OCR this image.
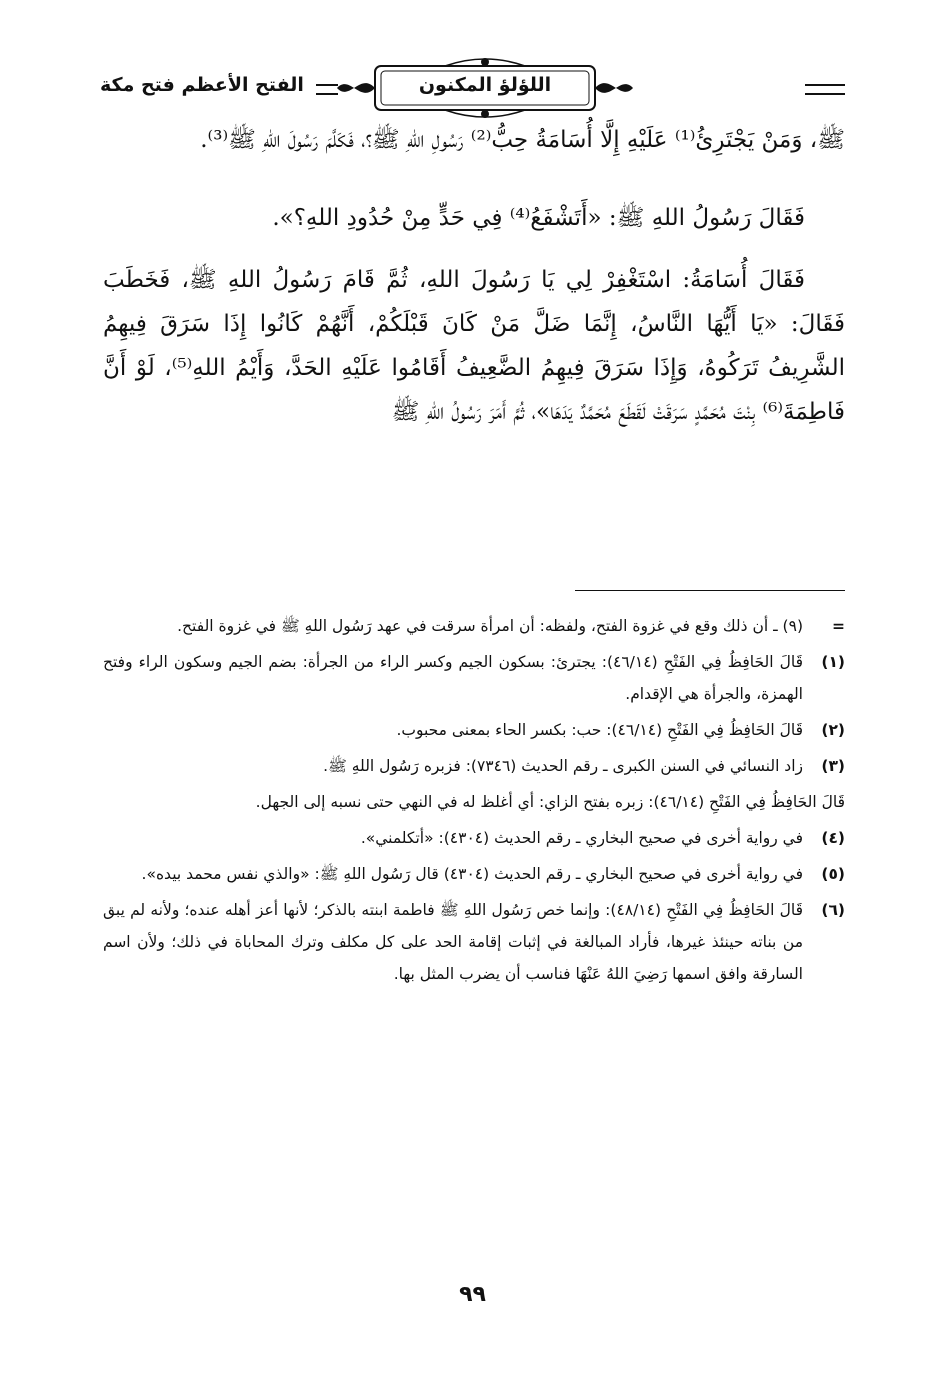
الفتح الأعظم فتح مكة	اللؤلؤ المكنون

ﷺ، وَمَنْ يَجْتَرِئُ⁽¹⁾ عَلَيْهِ إِلَّا أُسَامَةُ حِبُّ⁽²⁾ رَسُولِ اللهِ ﷺ؟، فَكَلَّمَ رَسُولَ اللهِ ﷺ⁽³⁾.

فَقَالَ رَسُولُ اللهِ ﷺ: «أَتَشْفَعُ⁽⁴⁾ فِي حَدٍّ مِنْ حُدُودِ اللهِ؟».

فَقَالَ أُسَامَةُ: اسْتَغْفِرْ لِي يَا رَسُولَ اللهِ، ثُمَّ قَامَ رَسُولُ اللهِ ﷺ، فَخَطَبَ فَقَالَ: «يَا أَيُّهَا النَّاسُ، إِنَّمَا ضَلَّ مَنْ كَانَ قَبْلَكُمْ، أَنَّهُمْ كَانُوا إِذَا سَرَقَ فِيهِمُ الشَّرِيفُ تَرَكُوهُ، وَإِذَا سَرَقَ فِيهِمُ الضَّعِيفُ أَقَامُوا عَلَيْهِ الحَدَّ، وَأَيْمُ اللهِ⁽⁵⁾، لَوْ أَنَّ فَاطِمَةَ⁽⁶⁾ بِنْتَ مُحَمَّدٍ سَرَقَتْ لَقَطَعَ مُحَمَّدٌ يَدَهَا»، ثُمَّ أَمَرَ رَسُولُ اللهِ ﷺ

=
(٩) ـ أن ذلك وقع في غزوة الفتح، ولفظه: أن امرأة سرقت في عهد رَسُول اللهِ ﷺ في غزوة الفتح.
(١)
قَالَ الحَافِظُ فِي الفَتْحِ (٤٦/١٤): يجترئ: بسكون الجيم وكسر الراء من الجرأة: بضم الجيم وسكون الراء وفتح الهمزة، والجرأة هي الإقدام.
(٢)
قَالَ الحَافِظُ فِي الفَتْحِ (٤٦/١٤): حب: بكسر الحاء بمعنى محبوب.
(٣)
زاد النسائي في السنن الكبرى ـ رقم الحديث (٧٣٤٦): فزبره رَسُول اللهِ ﷺ.
قَالَ الحَافِظُ فِي الفَتْحِ (٤٦/١٤): زبره بفتح الزاي: أي أغلظ له في النهي حتى نسبه إلى الجهل.
(٤)
في رواية أخرى في صحيح البخاري ـ رقم الحديث (٤٣٠٤): «أتكلمني».
(٥)
في رواية أخرى في صحيح البخاري ـ رقم الحديث (٤٣٠٤) قال رَسُول اللهِ ﷺ: «والذي نفس محمد بيده».
(٦)
قَالَ الحَافِظُ فِي الفَتْحِ (٤٨/١٤): وإنما خص رَسُول اللهِ ﷺ فاطمة ابنته بالذكر؛ لأنها أعز أهله عنده؛ ولأنه لم يبق من بناته حينئذ غيرها، فأراد المبالغة في إثبات إقامة الحد على كل مكلف وترك المحاباة في ذلك؛ ولأن اسم السارقة وافق اسمها رَضِيَ اللهُ عَنْهَا فناسب أن يضرب المثل بها.
٩٩
